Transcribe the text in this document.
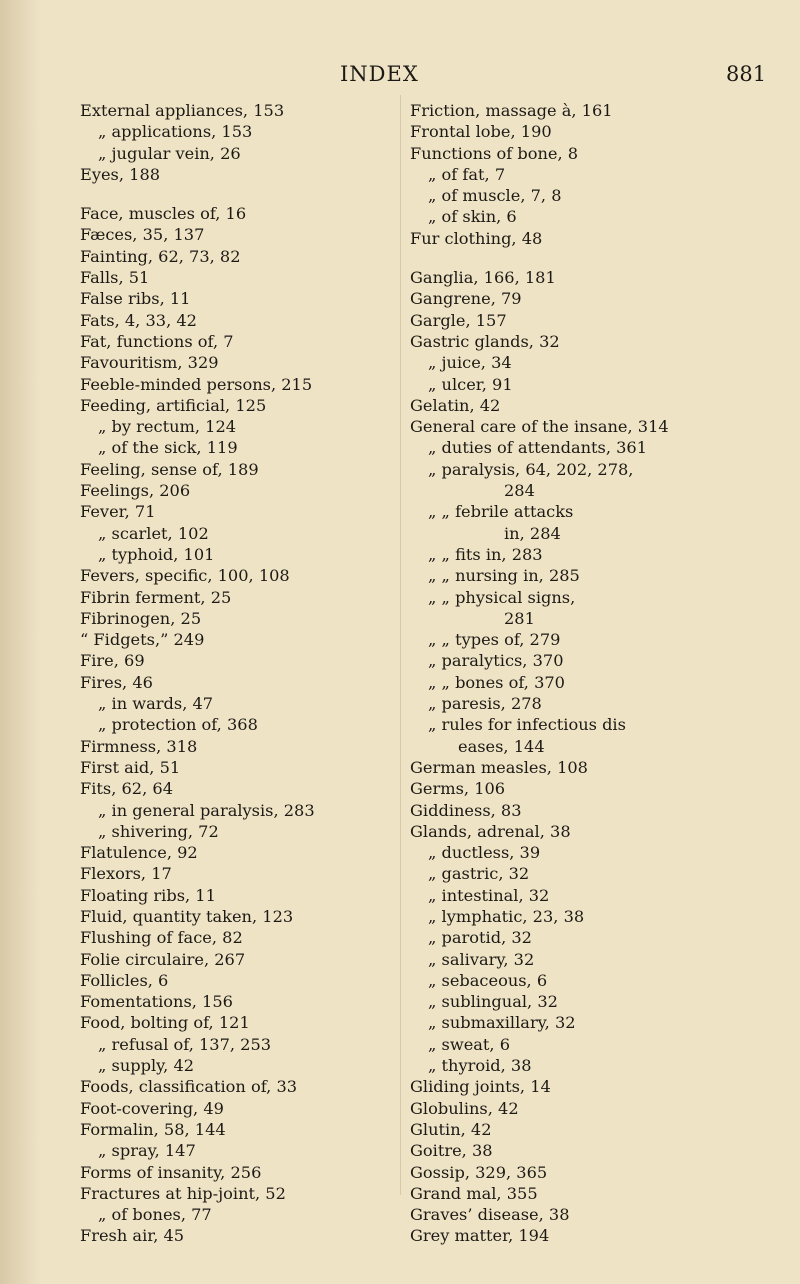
INDEX	881
External appliances, 153
„ applications, 153
„ jugular vein, 26
Eyes, 188
Face, muscles of, 16
Fæces, 35, 137
Fainting, 62, 73, 82
Falls, 51
False ribs, 11
Fats, 4, 33, 42
Fat, functions of, 7
Favouritism, 329
Feeble-minded persons, 215
Feeding, artificial, 125
„ by rectum, 124
„ of the sick, 119
Feeling, sense of, 189
Feelings, 206
Fever, 71
„ scarlet, 102
„ typhoid, 101
Fevers, specific, 100, 108
Fibrin ferment, 25
Fibrinogen, 25
“ Fidgets,” 249
Fire, 69
Fires, 46
„ in wards, 47
„ protection of, 368
Firmness, 318
First aid, 51
Fits, 62, 64
„ in general paralysis, 283
„ shivering, 72
Flatulence, 92
Flexors, 17
Floating ribs, 11
Fluid, quantity taken, 123
Flushing of face, 82
Folie circulaire, 267
Follicles, 6
Fomentations, 156
Food, bolting of, 121
„ refusal of, 137, 253
„ supply, 42
Foods, classification of, 33
Foot-covering, 49
Formalin, 58, 144
„ spray, 147
Forms of insanity, 256
Fractures at hip-joint, 52
„ of bones, 77
Fresh air, 45
Friction, massage à, 161
Frontal lobe, 190
Functions of bone, 8
„ of fat, 7
„ of muscle, 7, 8
„ of skin, 6
Fur clothing, 48
Ganglia, 166, 181
Gangrene, 79
Gargle, 157
Gastric glands, 32
„ juice, 34
„ ulcer, 91
Gelatin, 42
General care of the insane, 314
„ duties of attendants, 361
„ paralysis, 64, 202, 278,
284
„ „ febrile attacks
in, 284
„ „ fits in, 283
„ „ nursing in, 285
„ „ physical signs,
281
„ „ types of, 279
„ paralytics, 370
„ „ bones of, 370
„ paresis, 278
„ rules for infectious dis
eases, 144
German measles, 108
Germs, 106
Giddiness, 83
Glands, adrenal, 38
„ ductless, 39
„ gastric, 32
„ intestinal, 32
„ lymphatic, 23, 38
„ parotid, 32
„ salivary, 32
„ sebaceous, 6
„ sublingual, 32
„ submaxillary, 32
„ sweat, 6
„ thyroid, 38
Gliding joints, 14
Globulins, 42
Glutin, 42
Goitre, 38
Gossip, 329, 365
Grand mal, 355
Graves’ disease, 38
Grey matter, 194
